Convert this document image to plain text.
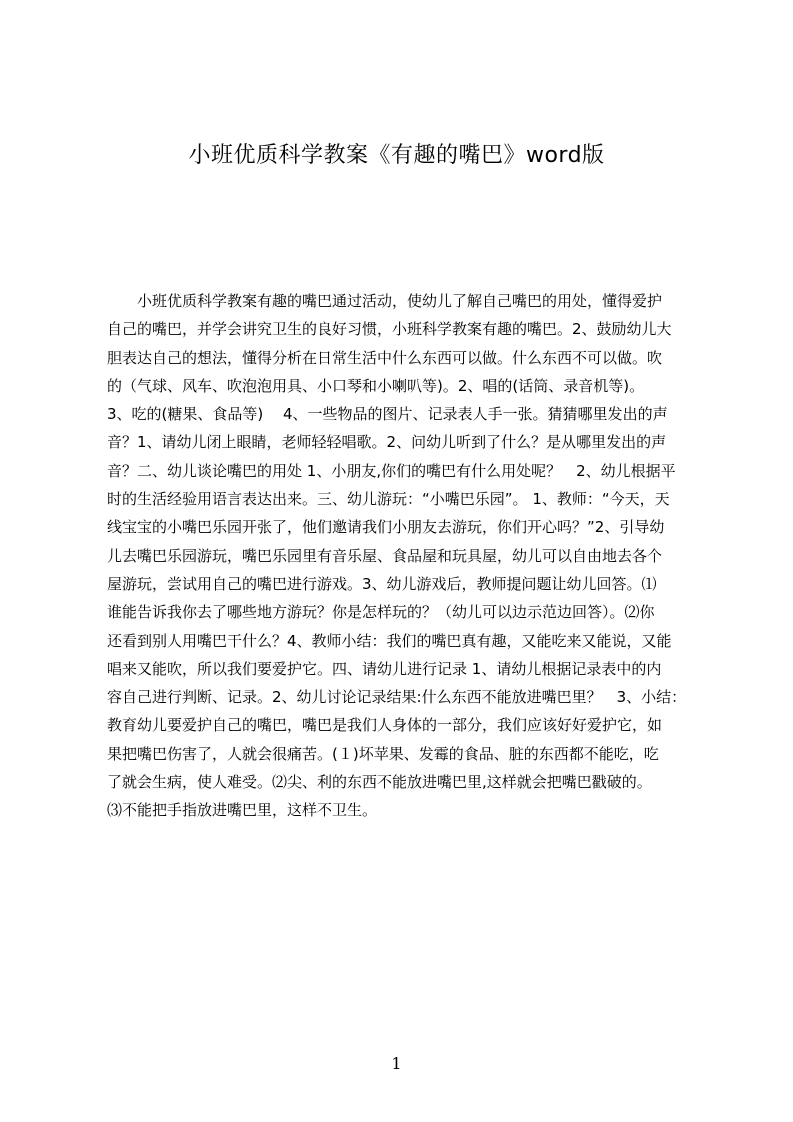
小班优质科学教案《有趣的嘴巴》word版
　　小班优质科学教案有趣的嘴巴通过活动，使幼儿了解自己嘴巴的用处，懂得爱护
自己的嘴巴，并学会讲究卫生的良好习惯，小班科学教案有趣的嘴巴。2、鼓励幼儿大
胆表达自己的想法，懂得分析在日常生活中什么东西可以做。什么东西不可以做。吹
的（气球、风车、吹泡泡用具、小口琴和小喇叭等)。2、唱的(话筒、录音机等)。
3、吃的(糖果、食品等)　 4、一些物品的图片、记录表人手一张。猜猜哪里发出的声
音？1、请幼儿闭上眼睛，老师轻轻唱歌。2、问幼儿听到了什么？是从哪里发出的声
音？二、幼儿谈论嘴巴的用处 1、小朋友,你们的嘴巴有什么用处呢？　2、幼儿根据平
时的生活经验用语言表达出来。三、幼儿游玩：“小嘴巴乐园”。 1、教师：“今天，天
线宝宝的小嘴巴乐园开张了，他们邀请我们小朋友去游玩，你们开心吗？”2、引导幼
儿去嘴巴乐园游玩，嘴巴乐园里有音乐屋、食品屋和玩具屋，幼儿可以自由地去各个
屋游玩，尝试用自己的嘴巴进行游戏。3、幼儿游戏后，教师提问题让幼儿回答。⑴
谁能告诉我你去了哪些地方游玩？你是怎样玩的？（幼儿可以边示范边回答）。⑵你
还看到别人用嘴巴干什么？4、教师小结：我们的嘴巴真有趣，又能吃来又能说，又能
唱来又能吹，所以我们要爱护它。四、请幼儿进行记录 1、请幼儿根据记录表中的内
容自己进行判断、记录。2、幼儿讨论记录结果:什么东西不能放进嘴巴里？　3、小结：
教育幼儿要爱护自己的嘴巴，嘴巴是我们人身体的一部分，我们应该好好爱护它，如
果把嘴巴伤害了，人就会很痛苦。(１)坏苹果、发霉的食品、脏的东西都不能吃，吃
了就会生病，使人难受。⑵尖、利的东西不能放进嘴巴里,这样就会把嘴巴戳破的。
⑶不能把手指放进嘴巴里，这样不卫生。
1
